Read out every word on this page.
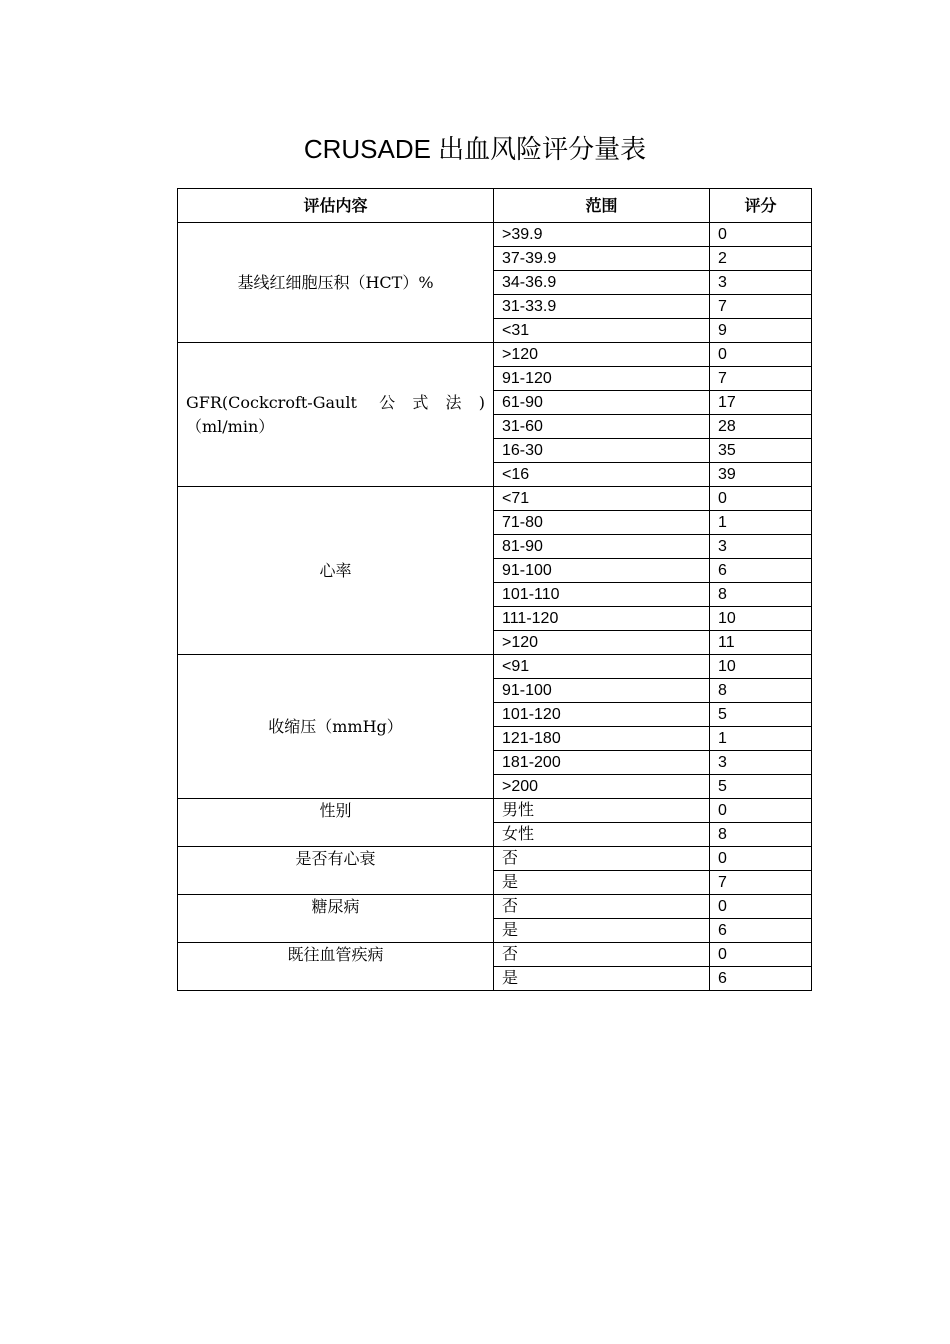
CRUSADE 出血风险评分量表
评估内容	范围	评分
基线红细胞压积（HCT）%	>39.9	0
	37-39.9	2
	34-36.9	3
	31-33.9	7
	<31	9
GFR(Cockcroft-Gault 公式法)（ml/min）	>120	0
	91-120	7
	61-90	17
	31-60	28
	16-30	35
	<16	39
心率	<71	0
	71-80	1
	81-90	3
	91-100	6
	101-110	8
	111-120	10
	>120	11
收缩压（mmHg）	<91	10
	91-100	8
	101-120	5
	121-180	1
	181-200	3
	>200	5
性别	男性	0
	女性	8
是否有心衰	否	0
	是	7
糖尿病	否	0
	是	6
既往血管疾病	否	0
	是	6
